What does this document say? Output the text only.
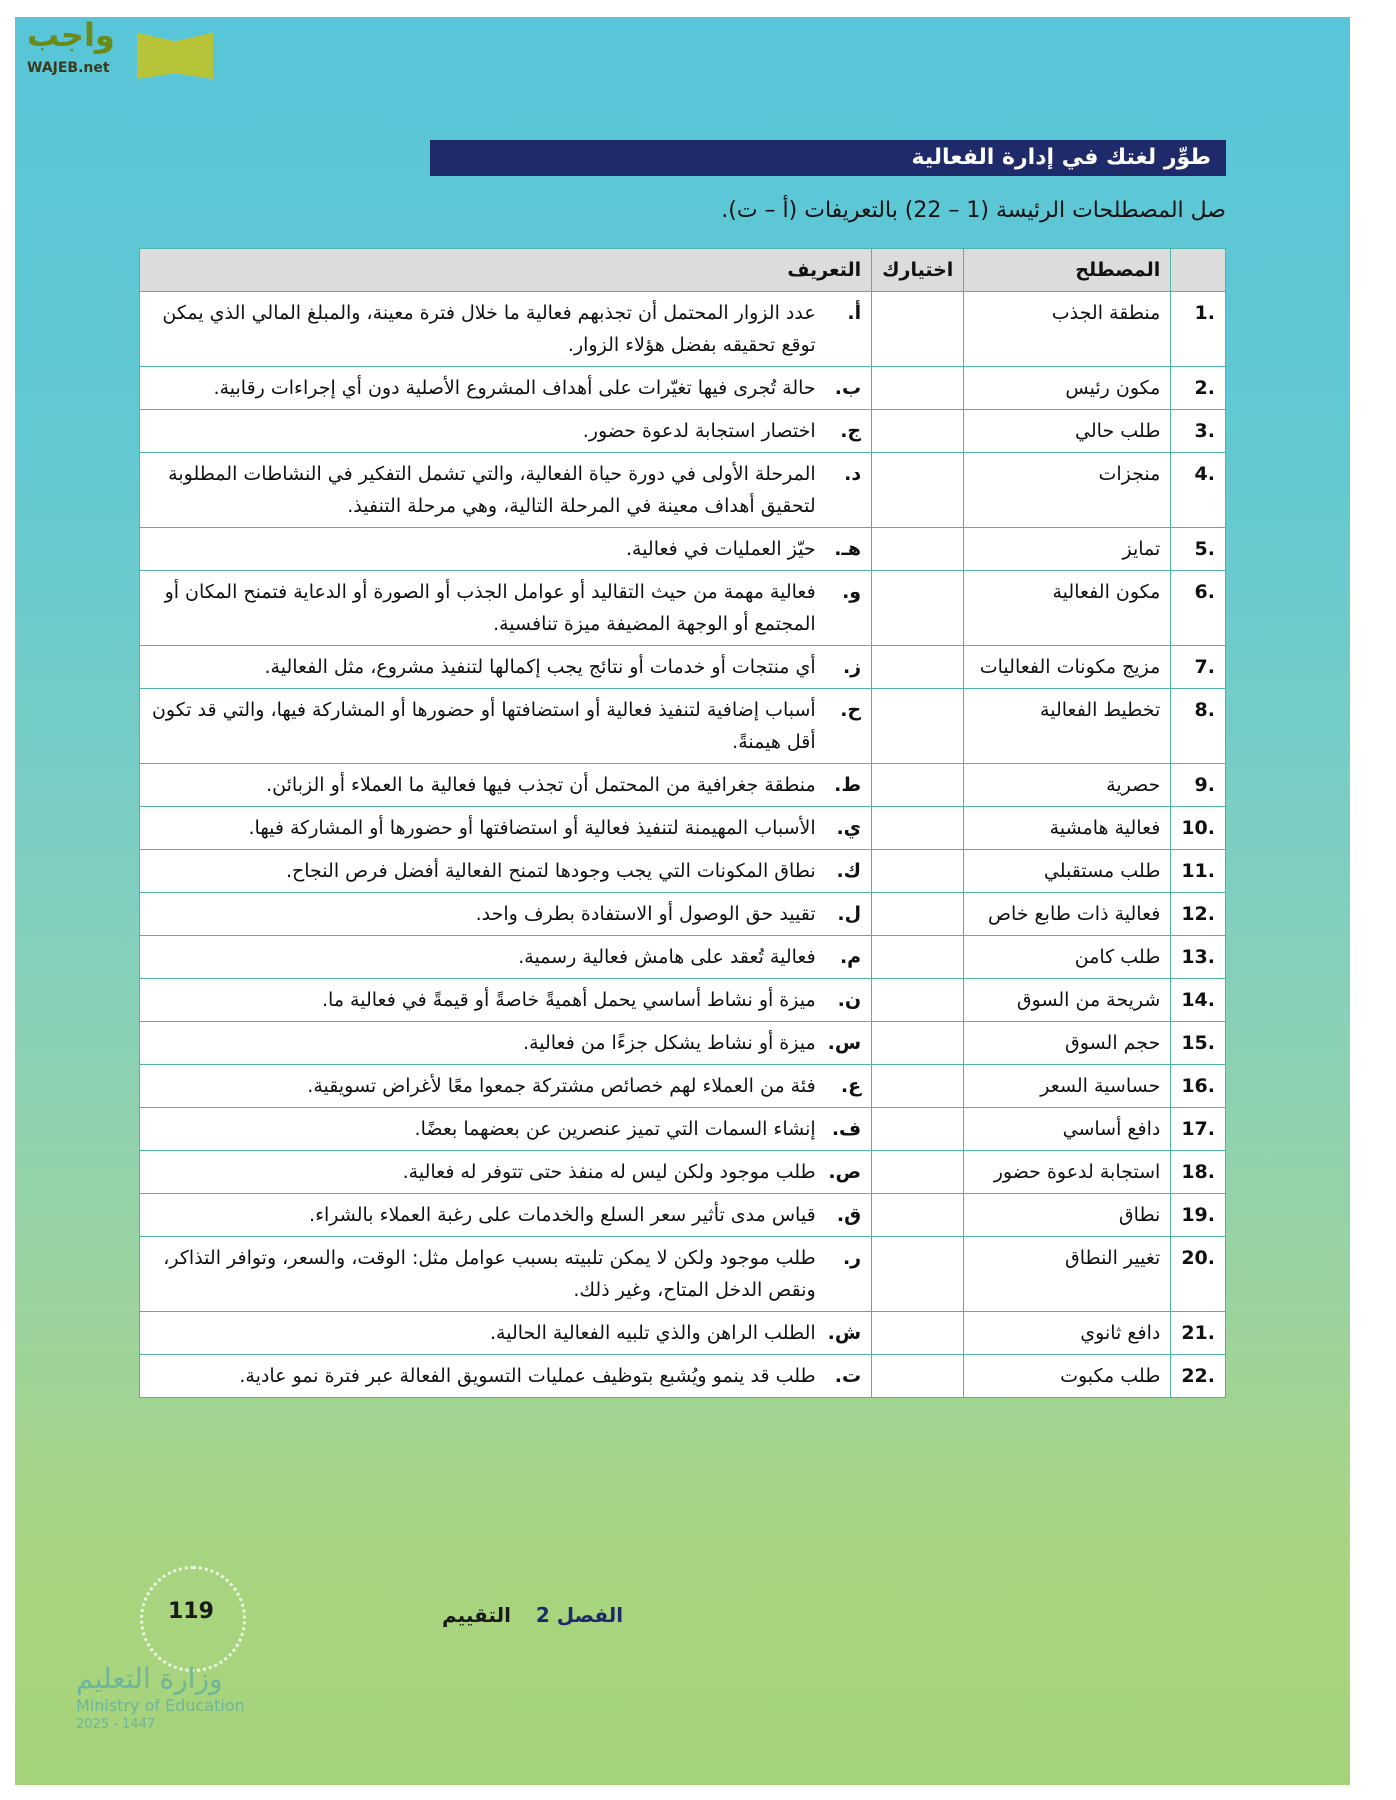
واجب
WAJEB.net
طوِّر لغتك في إدارة الفعالية
صل المصطلحات الرئيسة (1 – 22) بالتعريفات (أ – ت).
	المصطلح	اختيارك	التعريف	
.1	منطقة الجذب		أ.	عدد الزوار المحتمل أن تجذبهم فعالية ما خلال فترة معينة، والمبلغ المالي الذي يمكن توقع تحقيقه بفضل هؤلاء الزوار.
.2	مكون رئيس		ب.	حالة تُجرى فيها تغيّرات على أهداف المشروع الأصلية دون أي إجراءات رقابية.
.3	طلب حالي		ج.	اختصار استجابة لدعوة حضور.
.4	منجزات		د.	المرحلة الأولى في دورة حياة الفعالية، والتي تشمل التفكير في النشاطات المطلوبة لتحقيق أهداف معينة في المرحلة التالية، وهي مرحلة التنفيذ.
.5	تمايز		هـ.	حيّز العمليات في فعالية.
.6	مكون الفعالية		و.	فعالية مهمة من حيث التقاليد أو عوامل الجذب أو الصورة أو الدعاية فتمنح المكان أو المجتمع أو الوجهة المضيفة ميزة تنافسية.
.7	مزيج مكونات الفعاليات		ز.	أي منتجات أو خدمات أو نتائج يجب إكمالها لتنفيذ مشروع، مثل الفعالية.
.8	تخطيط الفعالية		ح.	أسباب إضافية لتنفيذ فعالية أو استضافتها أو حضورها أو المشاركة فيها، والتي قد تكون أقل هيمنةً.
.9	حصرية		ط.	منطقة جغرافية من المحتمل أن تجذب فيها فعالية ما العملاء أو الزبائن.
.10	فعالية هامشية		ي.	الأسباب المهيمنة لتنفيذ فعالية أو استضافتها أو حضورها أو المشاركة فيها.
.11	طلب مستقبلي		ك.	نطاق المكونات التي يجب وجودها لتمنح الفعالية أفضل فرص النجاح.
.12	فعالية ذات طابع خاص		ل.	تقييد حق الوصول أو الاستفادة بطرف واحد.
.13	طلب كامن		م.	فعالية تُعقد على هامش فعالية رسمية.
.14	شريحة من السوق		ن.	ميزة أو نشاط أساسي يحمل أهميةً خاصةً أو قيمةً في فعالية ما.
.15	حجم السوق		س.	ميزة أو نشاط يشكل جزءًا من فعالية.
.16	حساسية السعر		ع.	فئة من العملاء لهم خصائص مشتركة جمعوا معًا لأغراض تسويقية.
.17	دافع أساسي		ف.	إنشاء السمات التي تميز عنصرين عن بعضهما بعضًا.
.18	استجابة لدعوة حضور		ص.	طلب موجود ولكن ليس له منفذ حتى تتوفر له فعالية.
.19	نطاق		ق.	قياس مدى تأثير سعر السلع والخدمات على رغبة العملاء بالشراء.
.20	تغيير النطاق		ر.	طلب موجود ولكن لا يمكن تلبيته بسبب عوامل مثل: الوقت، والسعر، وتوافر التذاكر، ونقص الدخل المتاح، وغير ذلك.
.21	دافع ثانوي		ش.	الطلب الراهن والذي تلبيه الفعالية الحالية.
.22	طلب مكبوت		ت.	طلب قد ينمو ويُشبع بتوظيف عمليات التسويق الفعالة عبر فترة نمو عادية.
الفصل 2 التقييم
119
وزارة التعليم
Ministry of Education
2025 - 1447
